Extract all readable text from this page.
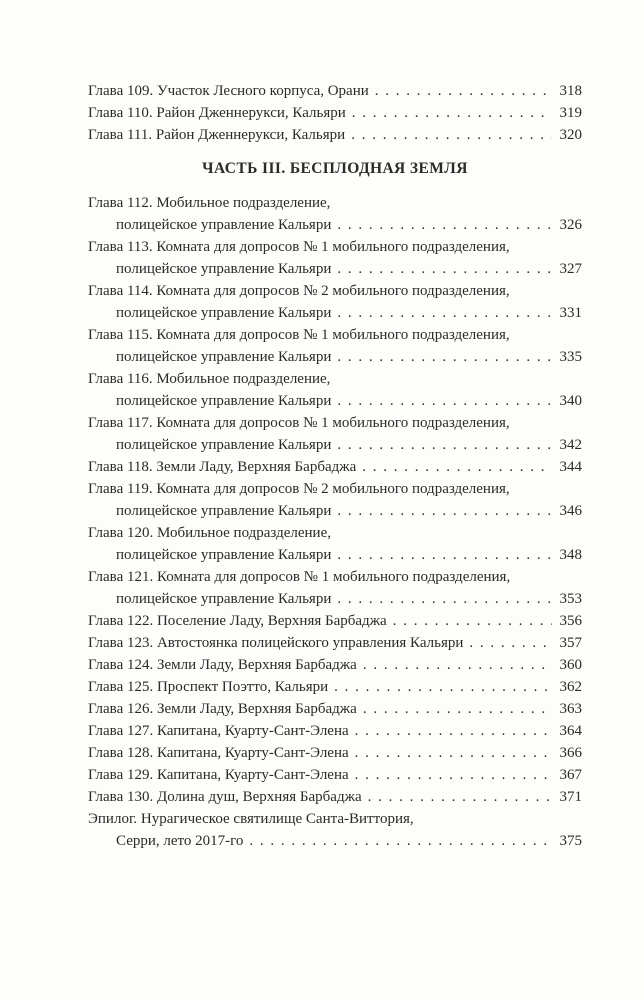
Глава 109. Участок Лесного корпуса, Орани . . .	318
Глава 110. Район Дженнерукси, Кальяри . . .	319
Глава 111. Район Дженнерукси, Кальяри . . .	320
ЧАСТЬ III. БЕСПЛОДНАЯ ЗЕМЛЯ
Глава 112. Мобильное подразделение,
полицейское управление Кальяри . . .	326
Глава 113. Комната для допросов № 1 мобильного подразделения,
полицейское управление Кальяри . . .	327
Глава 114. Комната для допросов № 2 мобильного подразделения,
полицейское управление Кальяри . . .	331
Глава 115. Комната для допросов № 1 мобильного подразделения,
полицейское управление Кальяри . . .	335
Глава 116. Мобильное подразделение,
полицейское управление Кальяри . . .	340
Глава 117. Комната для допросов № 1 мобильного подразделения,
полицейское управление Кальяри . . .	342
Глава 118. Земли Ладу, Верхняя Барбаджа . . .	344
Глава 119. Комната для допросов № 2 мобильного подразделения,
полицейское управление Кальяри . . .	346
Глава 120. Мобильное подразделение,
полицейское управление Кальяри . . .	348
Глава 121. Комната для допросов № 1 мобильного подразделения,
полицейское управление Кальяри . . .	353
Глава 122. Поселение Ладу, Верхняя Барбаджа . . .	356
Глава 123. Автостоянка полицейского управления Кальяри . . .	357
Глава 124. Земли Ладу, Верхняя Барбаджа . . .	360
Глава 125. Проспект Поэтто, Кальяри . . .	362
Глава 126. Земли Ладу, Верхняя Барбаджа . . .	363
Глава 127. Капитана, Куарту-Сант-Элена . . .	364
Глава 128. Капитана, Куарту-Сант-Элена . . .	366
Глава 129. Капитана, Куарту-Сант-Элена . . .	367
Глава 130. Долина душ, Верхняя Барбаджа . . .	371
Эпилог. Нурагическое святилище Санта-Виттория,
Серри, лето 2017-го . . .	375
